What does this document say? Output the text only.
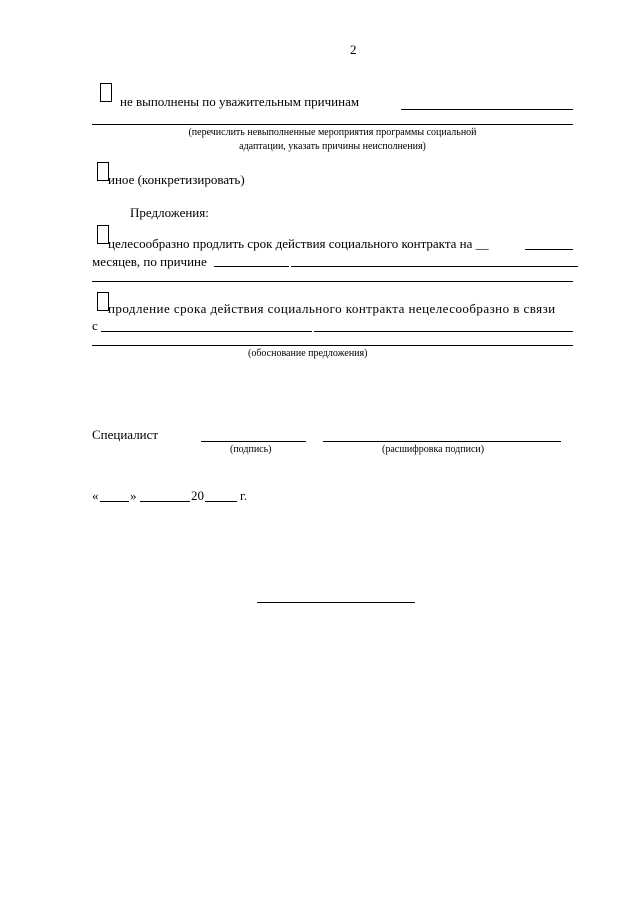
2
не выполнены по уважительным причинам
(перечислить невыполненные мероприятия программы социальной
адаптации, указать причины неисполнения)
иное (конкретизировать)
Предложения:
целесообразно продлить срок действия социального контракта на __
месяцев, по причине
продление срока действия социального контракта нецелесообразно в связи
с
(обоснование предложения)
Специалист
(подпись)	(расшифровка подписи)
« »	20	г.
